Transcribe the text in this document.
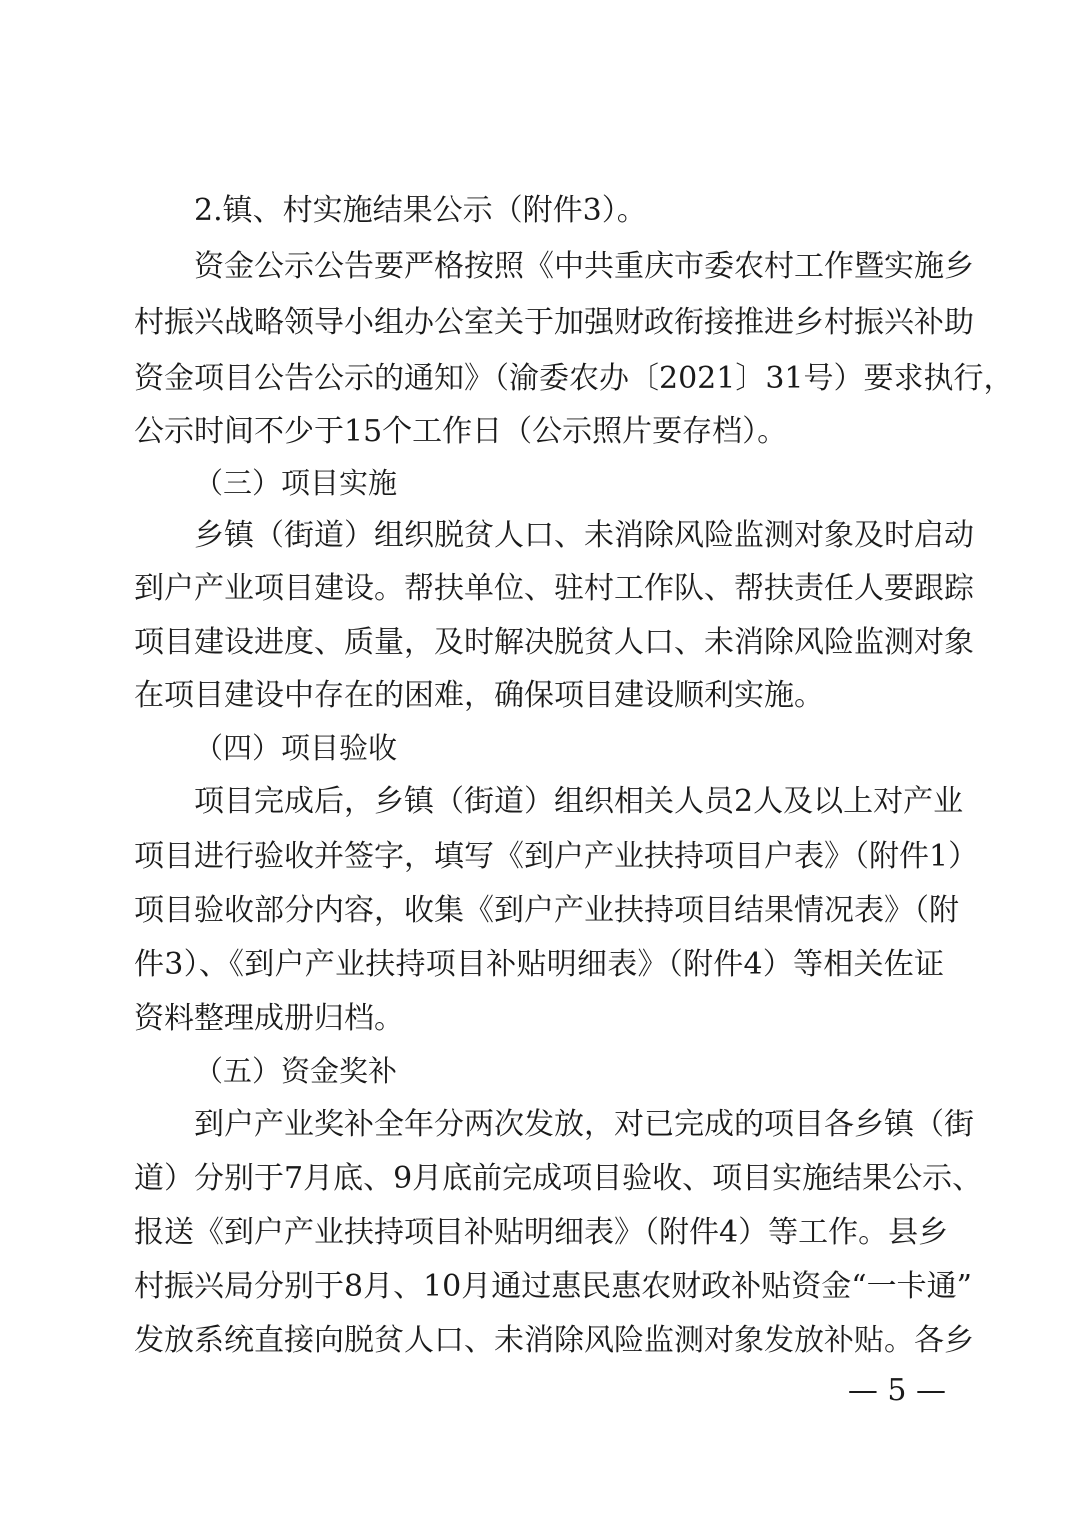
2.镇、村实施结果公示（附件3）。
资金公示公告要严格按照《中共重庆市委农村工作暨实施乡
村振兴战略领导小组办公室关于加强财政衔接推进乡村振兴补助
资金项目公告公示的通知》（渝委农办〔2021〕31号）要求执行，
公示时间不少于15个工作日（公示照片要存档）。
（三）项目实施
乡镇（街道）组织脱贫人口、未消除风险监测对象及时启动
到户产业项目建设。帮扶单位、驻村工作队、帮扶责任人要跟踪
项目建设进度、质量，及时解决脱贫人口、未消除风险监测对象
在项目建设中存在的困难，确保项目建设顺利实施。
（四）项目验收
项目完成后，乡镇（街道）组织相关人员2人及以上对产业
项目进行验收并签字，填写《到户产业扶持项目户表》（附件1）
项目验收部分内容，收集《到户产业扶持项目结果情况表》（附
件3）、《到户产业扶持项目补贴明细表》（附件4）等相关佐证
资料整理成册归档。
（五）资金奖补
到户产业奖补全年分两次发放，对已完成的项目各乡镇（街
道）分别于7月底、9月底前完成项目验收、项目实施结果公示、
报送《到户产业扶持项目补贴明细表》（附件4）等工作。县乡
村振兴局分别于8月、10月通过惠民惠农财政补贴资金“一卡通”
发放系统直接向脱贫人口、未消除风险监测对象发放补贴。各乡
— 5 —
